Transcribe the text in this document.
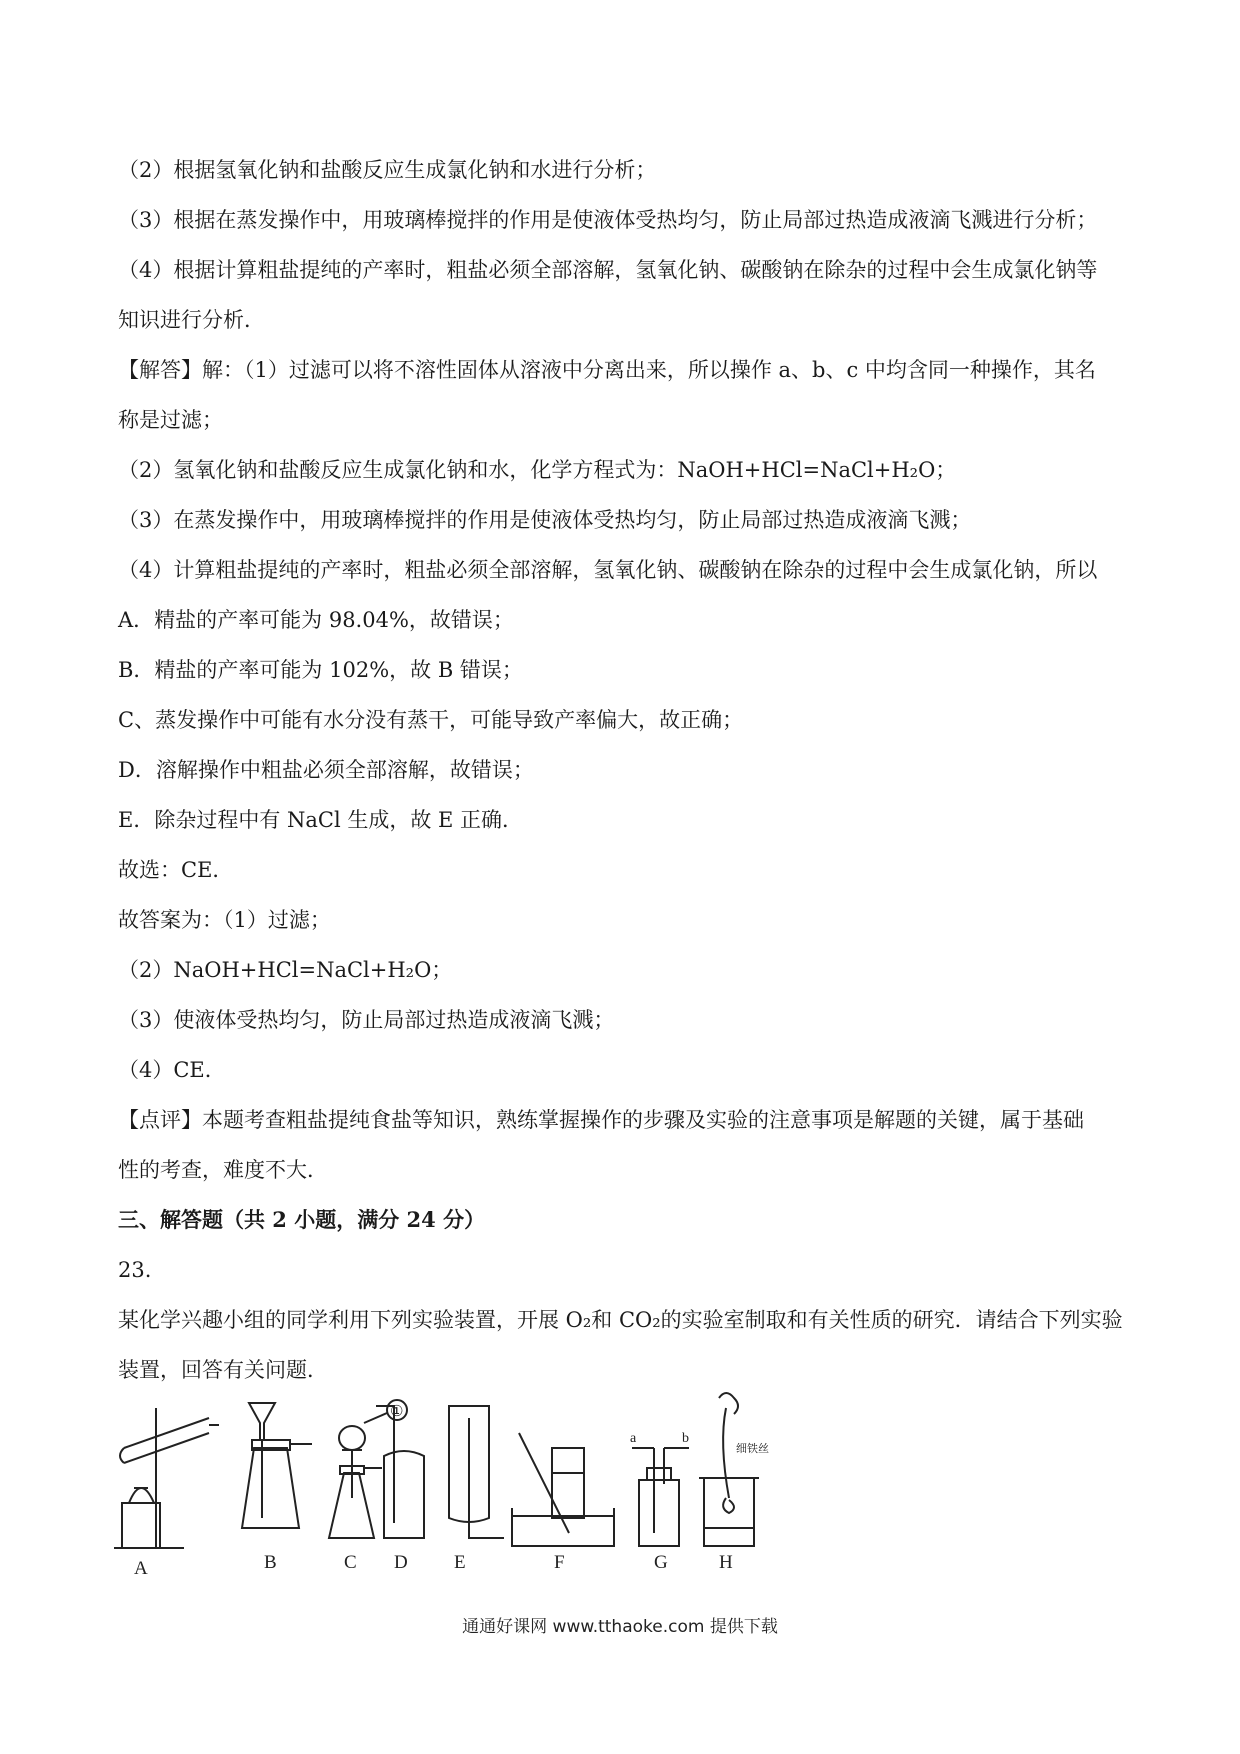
（2）根据氢氧化钠和盐酸反应生成氯化钠和水进行分析；
（3）根据在蒸发操作中，用玻璃棒搅拌的作用是使液体受热均匀，防止局部过热造成液滴飞溅进行分析；
（4）根据计算粗盐提纯的产率时，粗盐必须全部溶解，氢氧化钠、碳酸钠在除杂的过程中会生成氯化钠等
知识进行分析．
【解答】解：（1）过滤可以将不溶性固体从溶液中分离出来，所以操作 a、b、c 中均含同一种操作，其名
称是过滤；
（2）氢氧化钠和盐酸反应生成氯化钠和水，化学方程式为：NaOH+HCl=NaCl+H₂O；
（3）在蒸发操作中，用玻璃棒搅拌的作用是使液体受热均匀，防止局部过热造成液滴飞溅；
（4）计算粗盐提纯的产率时，粗盐必须全部溶解，氢氧化钠、碳酸钠在除杂的过程中会生成氯化钠，所以
A．精盐的产率可能为 98.04%，故错误；
B．精盐的产率可能为 102%，故 B 错误；
C、蒸发操作中可能有水分没有蒸干，可能导致产率偏大，故正确；
D．溶解操作中粗盐必须全部溶解，故错误；
E．除杂过程中有 NaCl 生成，故 E 正确．
故选：CE．
故答案为：（1）过滤；
（2）NaOH+HCl=NaCl+H₂O；
（3）使液体受热均匀，防止局部过热造成液滴飞溅；
（4）CE．
【点评】本题考查粗盐提纯食盐等知识，熟练掌握操作的步骤及实验的注意事项是解题的关键，属于基础
性的考查，难度不大．
三、解答题（共 2 小题，满分 24 分）
23.
某化学兴趣小组的同学利用下列实验装置，开展 O₂和 CO₂的实验室制取和有关性质的研究．请结合下列实验
装置，回答有关问题．
A	B	C D E	F	G	H
①
a	b
细铁丝
通通好课网 www.tthaoke.com 提供下载
